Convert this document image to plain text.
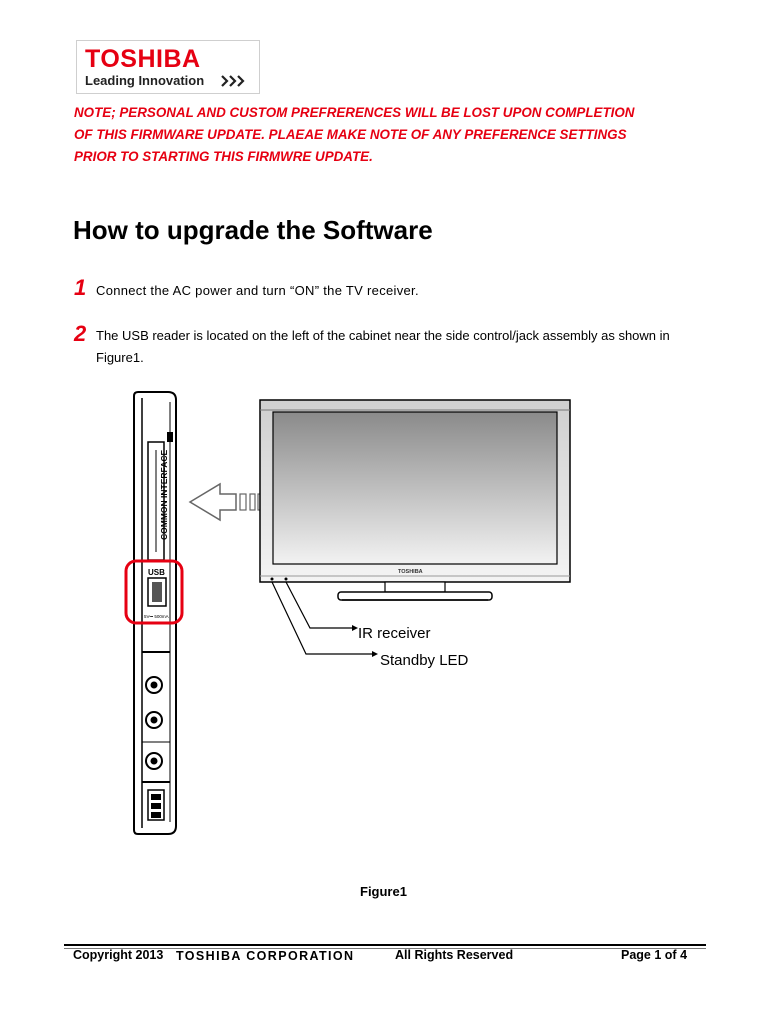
TOSHIBA
Leading Innovation
NOTE; PERSONAL AND CUSTOM PREFRERENCES WILL BE LOST UPON COMPLETION
OF THIS FIRMWARE UPDATE. PLAEAE MAKE NOTE OF ANY PREFERENCE SETTINGS
PRIOR TO STARTING THIS FIRMWRE UPDATE.
How to upgrade the Software
1 Connect the AC power and turn “ON” the TV receiver.
2 The USB reader is located on the left of the cabinet near the side control/jack assembly as shown in
Figure1.
COMMON INTERFACE
USB
5V⎓ 500mA
TOSHIBA
IR receiver
Standby LED
Figure1
Copyright 2013 TOSHIBA CORPORATION	All Rights Reserved	Page 1 of 4
